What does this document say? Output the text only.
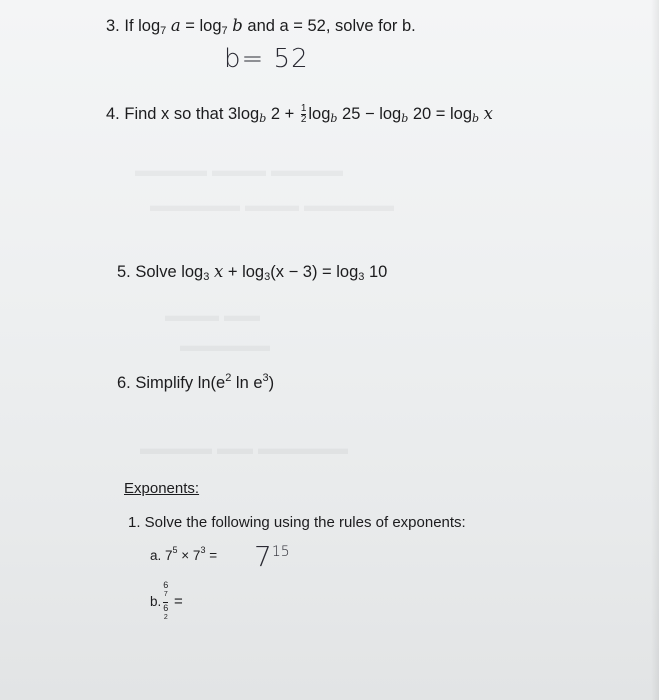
3. If $\log_7 a = \log_7 b$ and a = 52, solve for b.
b= 52
4. Find x so that $3\log_b$ $2 + \frac{1}{2} \log_b 25 - \log_b 20 = \log_b x$
5. Solve $\log_3 x + \log_3(x - 3) = \log_3 10$
6. Simplify $\ln(e^2$ $\ln e^3$)
Exponents:
1. Solve the following using the rules of exponents:
a. $7^5 \times 7^3 = 715$
b. 6
$^7$
6
$^2$ =
